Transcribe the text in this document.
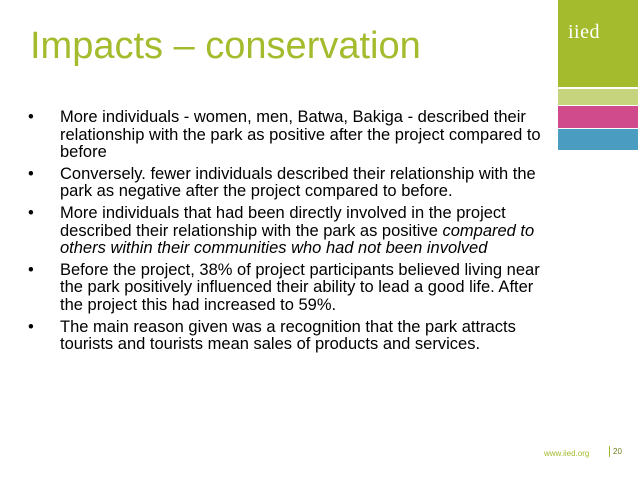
Impacts – conservation	iied
• More individuals - women, men, Batwa, Bakiga - described their relationship with the park as positive after the project compared to before
• Conversely. fewer individuals described their relationship with the park as negative after the project compared to before.
• More individuals that had been directly involved in the project described their relationship with the park as positive compared to others within their communities who had not been involved
• Before the project, 38% of project participants believed living near the park positively influenced their ability to lead a good life. After the project this had increased to 59%.
• The main reason given was a recognition that the park attracts tourists and tourists mean sales of products and services.
www.iied.org	20
